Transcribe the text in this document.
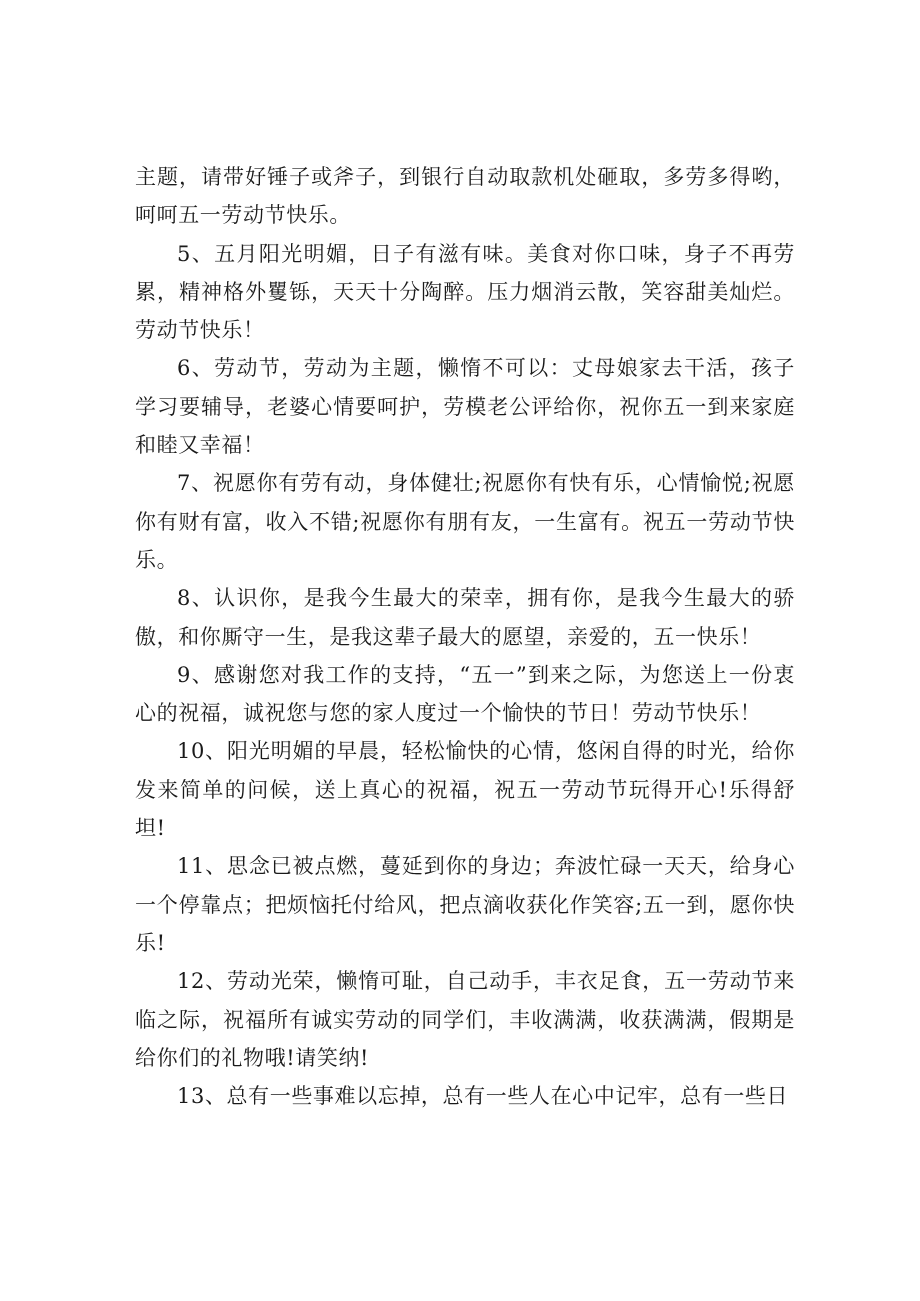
主题，请带好锤子或斧子，到银行自动取款机处砸取，多劳多得哟，呵呵五一劳动节快乐。

5、五月阳光明媚，日子有滋有味。美食对你口味，身子不再劳累，精神格外矍铄，天天十分陶醉。压力烟消云散，笑容甜美灿烂。劳动节快乐！

6、劳动节，劳动为主题，懒惰不可以：丈母娘家去干活，孩子学习要辅导，老婆心情要呵护，劳模老公评给你，祝你五一到来家庭和睦又幸福！

7、祝愿你有劳有动，身体健壮;祝愿你有快有乐，心情愉悦;祝愿你有财有富，收入不错;祝愿你有朋有友，一生富有。祝五一劳动节快乐。

8、认识你，是我今生最大的荣幸，拥有你，是我今生最大的骄傲，和你厮守一生，是我这辈子最大的愿望，亲爱的，五一快乐！

9、感谢您对我工作的支持，“五一”到来之际，为您送上一份衷心的祝福，诚祝您与您的家人度过一个愉快的节日！劳动节快乐！

10、阳光明媚的早晨，轻松愉快的心情，悠闲自得的时光，给你发来简单的问候，送上真心的祝福，祝五一劳动节玩得开心!乐得舒坦!

11、思念已被点燃，蔓延到你的身边；奔波忙碌一天天，给身心一个停靠点；把烦恼托付给风，把点滴收获化作笑容;五一到，愿你快乐!

12、劳动光荣，懒惰可耻，自己动手，丰衣足食，五一劳动节来临之际，祝福所有诚实劳动的同学们，丰收满满，收获满满，假期是给你们的礼物哦!请笑纳!

13、总有一些事难以忘掉，总有一些人在心中记牢，总有一些日
